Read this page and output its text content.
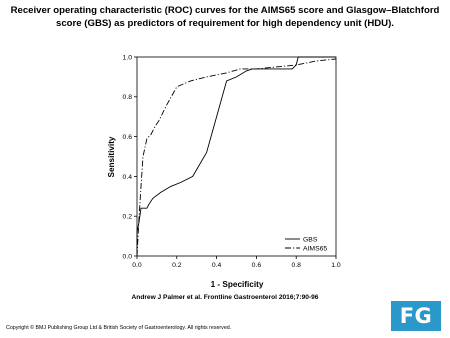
Receiver operating characteristic (ROC) curves for the AIMS65 score and Glasgow–Blatchford
score (GBS) as predictors of requirement for high dependency unit (HDU).
0.0	0.2	0.4	0.6	0.8	1.0
0.0
0.2
0.4
0.6
0.8
1.0
GBS
AIMS65
Sensitivity
1 - Specificity
Andrew J Palmer et al. Frontline Gastroenterol 2016;7:90-96
Copyright © BMJ Publishing Group Ltd & British Society of Gastroenterology. All rights reserved.	FG
